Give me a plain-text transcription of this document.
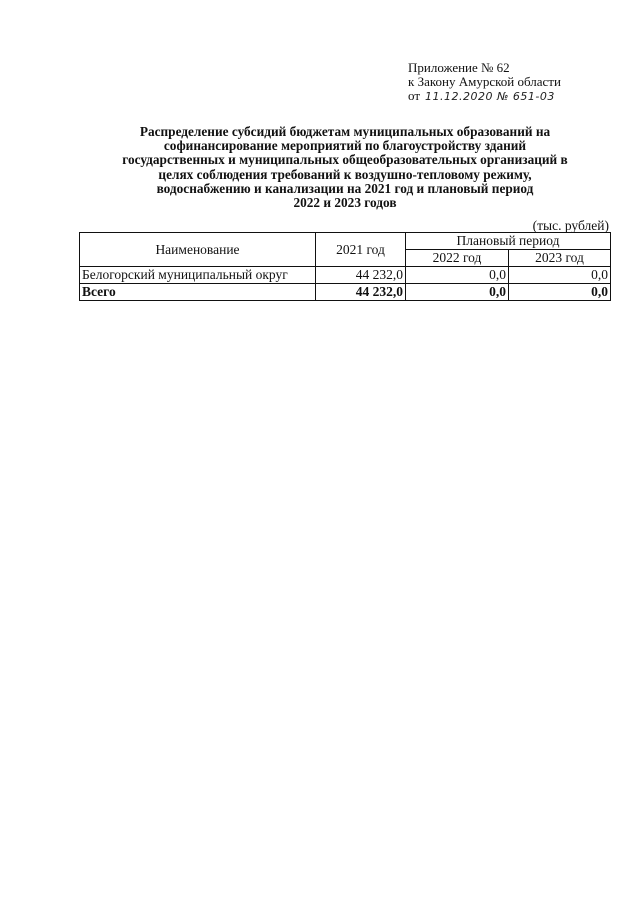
Приложение № 62
к Закону Амурской области
от 11.12.2020 № 651-03
Распределение субсидий бюджетам муниципальных образований на
софинансирование мероприятий по благоустройству зданий
государственных и муниципальных общеобразовательных организаций в
целях соблюдения требований к воздушно-тепловому режиму,
водоснабжению и канализации на 2021 год и плановый период
2022 и 2023 годов
(тыс. рублей)
Наименование	2021 год	Плановый период	
		2022 год	2023 год
Белогорский муниципальный округ	44 232,0	0,0	0,0
Всего	44 232,0	0,0	0,0
